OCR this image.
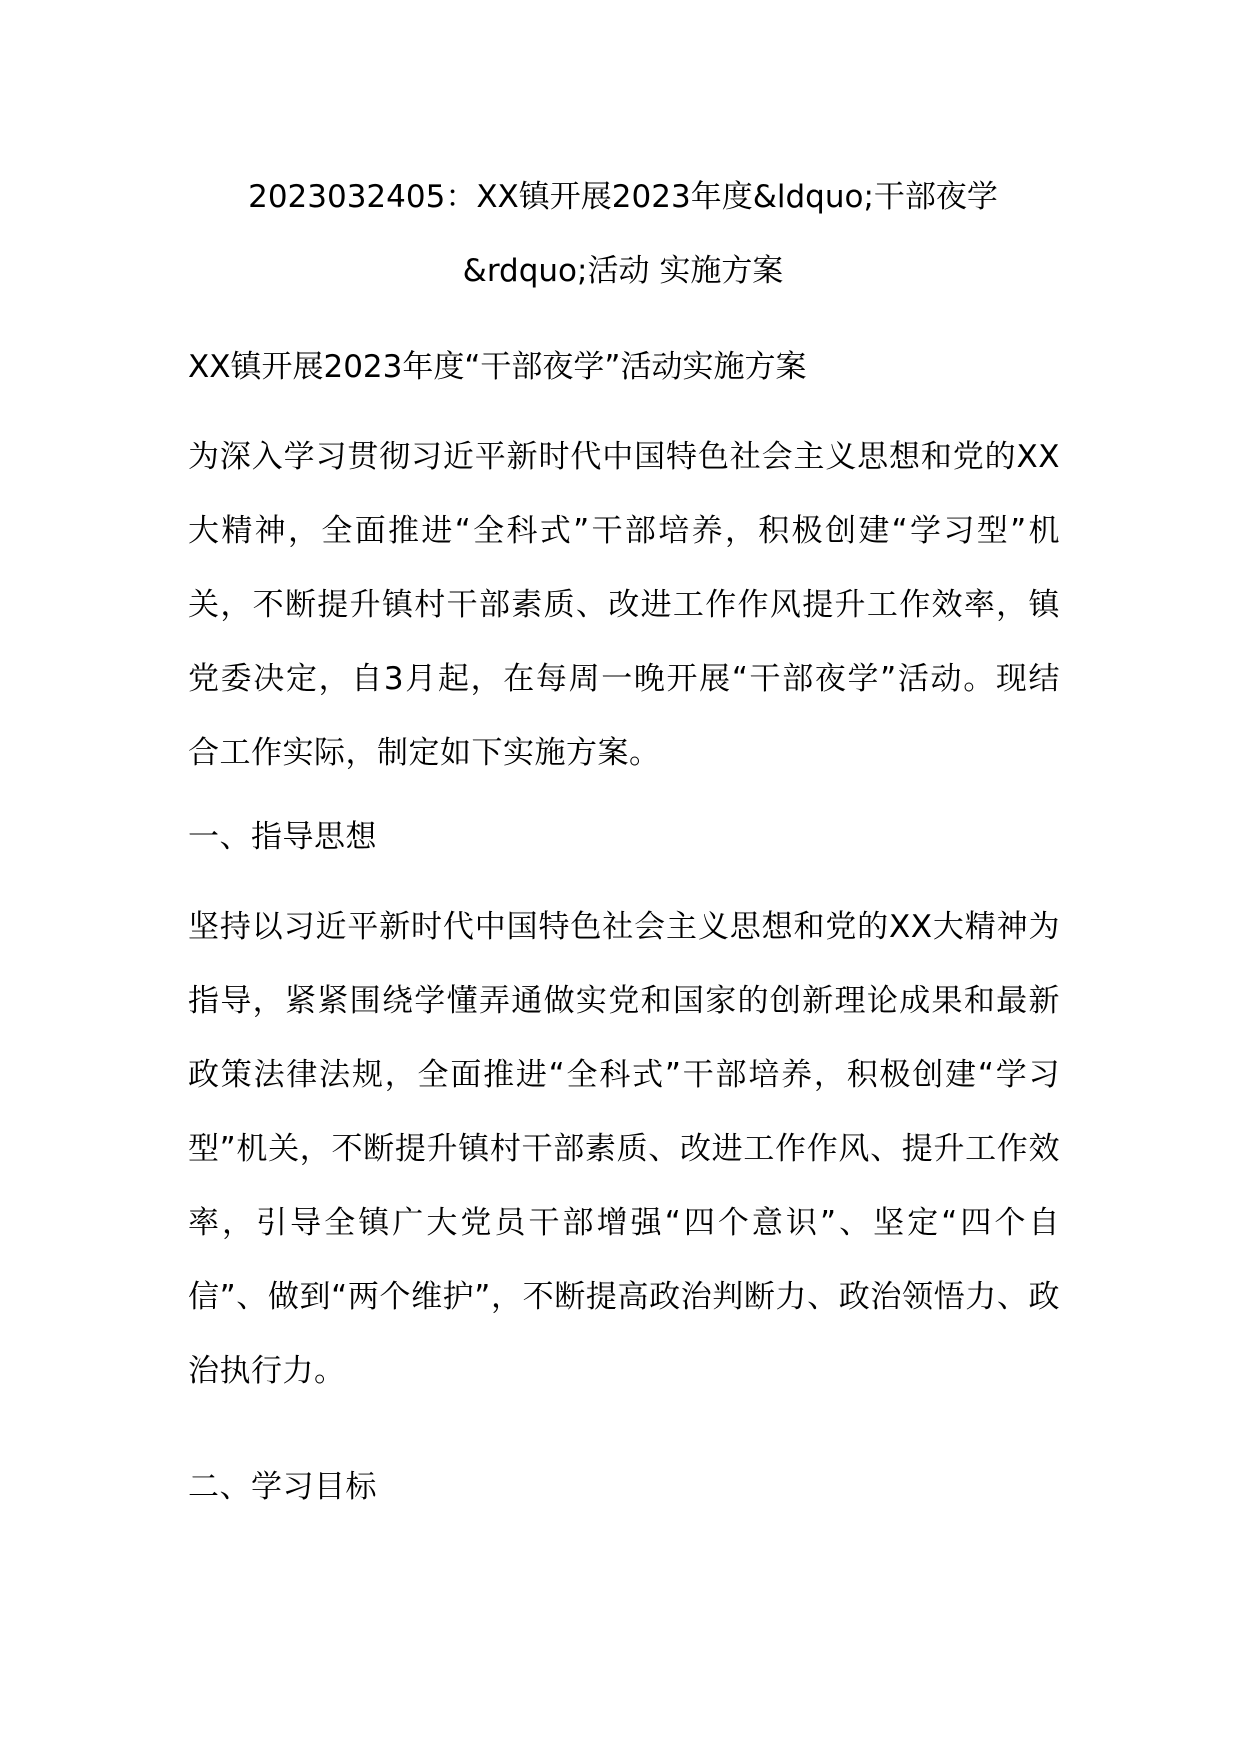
2023032405：XX镇开展2023年度&ldquo;干部夜学&rdquo;活动 实施方案

XX镇开展2023年度“干部夜学”活动实施方案

为深入学习贯彻习近平新时代中国特色社会主义思想和党的XX大精神，全面推进“全科式”干部培养，积极创建“学习型”机关，不断提升镇村干部素质、改进工作作风提升工作效率，镇党委决定，自3月起，在每周一晚开展“干部夜学”活动。现结合工作实际，制定如下实施方案。

一、指导思想

坚持以习近平新时代中国特色社会主义思想和党的XX大精神为指导，紧紧围绕学懂弄通做实党和国家的创新理论成果和最新政策法律法规，全面推进“全科式”干部培养，积极创建“学习型”机关，不断提升镇村干部素质、改进工作作风、提升工作效率，引导全镇广大党员干部增强“四个意识”、坚定“四个自信”、做到“两个维护”，不断提高政治判断力、政治领悟力、政治执行力。

二、学习目标
